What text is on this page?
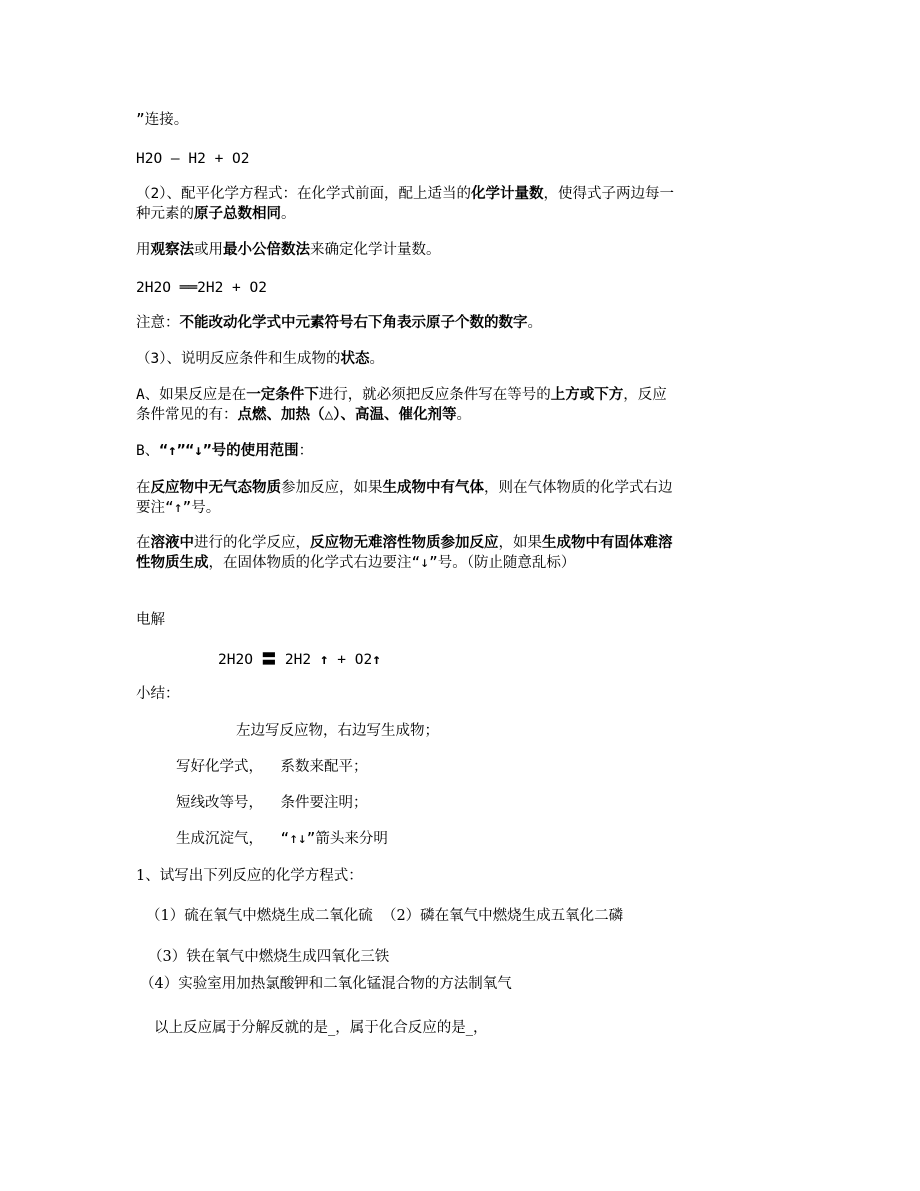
”连接。
H2O — H2 + O2
（2）、配平化学方程式：在化学式前面，配上适当的化学计量数，使得式子两边每一种元素的原子总数相同。
用观察法或用最小公倍数法来确定化学计量数。
2H2O ══2H2 + O2
注意：不能改动化学式中元素符号右下角表示原子个数的数字。
（3）、说明反应条件和生成物的状态。
A、如果反应是在一定条件下进行，就必须把反应条件写在等号的上方或下方，反应条件常见的有：点燃、加热（△）、高温、催化剂等。
B、“↑”“↓”号的使用范围：
在反应物中无气态物质参加反应，如果生成物中有气体，则在气体物质的化学式右边要注“↑”号。
在溶液中进行的化学反应，反应物无难溶性物质参加反应，如果生成物中有固体难溶性物质生成，在固体物质的化学式右边要注“↓”号。（防止随意乱标）
电解
2H2O 〓 2H2 ↑ + O2↑
小结：
左边写反应物，右边写生成物；
写好化学式，  系数来配平；
短线改等号，  条件要注明；
生成沉淀气，  “↑↓”箭头来分明
1、试写出下列反应的化学方程式：
（1）硫在氧气中燃烧生成二氧化硫  （2）磷在氧气中燃烧生成五氧化二磷
（3）铁在氧气中燃烧生成四氧化三铁
（4）实验室用加热氯酸钾和二氧化锰混合物的方法制氧气
以上反应属于分解反就的是_，属于化合反应的是_，
